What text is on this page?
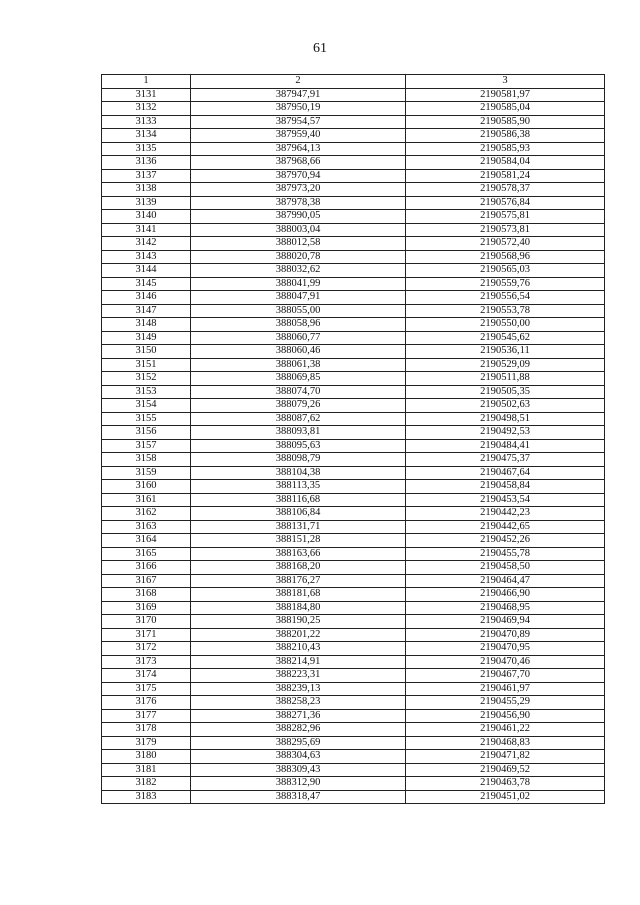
61
1	2	3
3131	387947,91	2190581,97
3132	387950,19	2190585,04
3133	387954,57	2190585,90
3134	387959,40	2190586,38
3135	387964,13	2190585,93
3136	387968,66	2190584,04
3137	387970,94	2190581,24
3138	387973,20	2190578,37
3139	387978,38	2190576,84
3140	387990,05	2190575,81
3141	388003,04	2190573,81
3142	388012,58	2190572,40
3143	388020,78	2190568,96
3144	388032,62	2190565,03
3145	388041,99	2190559,76
3146	388047,91	2190556,54
3147	388055,00	2190553,78
3148	388058,96	2190550,00
3149	388060,77	2190545,62
3150	388060,46	2190536,11
3151	388061,38	2190529,09
3152	388069,85	2190511,88
3153	388074,70	2190505,35
3154	388079,26	2190502,63
3155	388087,62	2190498,51
3156	388093,81	2190492,53
3157	388095,63	2190484,41
3158	388098,79	2190475,37
3159	388104,38	2190467,64
3160	388113,35	2190458,84
3161	388116,68	2190453,54
3162	388106,84	2190442,23
3163	388131,71	2190442,65
3164	388151,28	2190452,26
3165	388163,66	2190455,78
3166	388168,20	2190458,50
3167	388176,27	2190464,47
3168	388181,68	2190466,90
3169	388184,80	2190468,95
3170	388190,25	2190469,94
3171	388201,22	2190470,89
3172	388210,43	2190470,95
3173	388214,91	2190470,46
3174	388223,31	2190467,70
3175	388239,13	2190461,97
3176	388258,23	2190455,29
3177	388271,36	2190456,90
3178	388282,96	2190461,22
3179	388295,69	2190468,83
3180	388304,63	2190471,82
3181	388309,43	2190469,52
3182	388312,90	2190463,78
3183	388318,47	2190451,02
